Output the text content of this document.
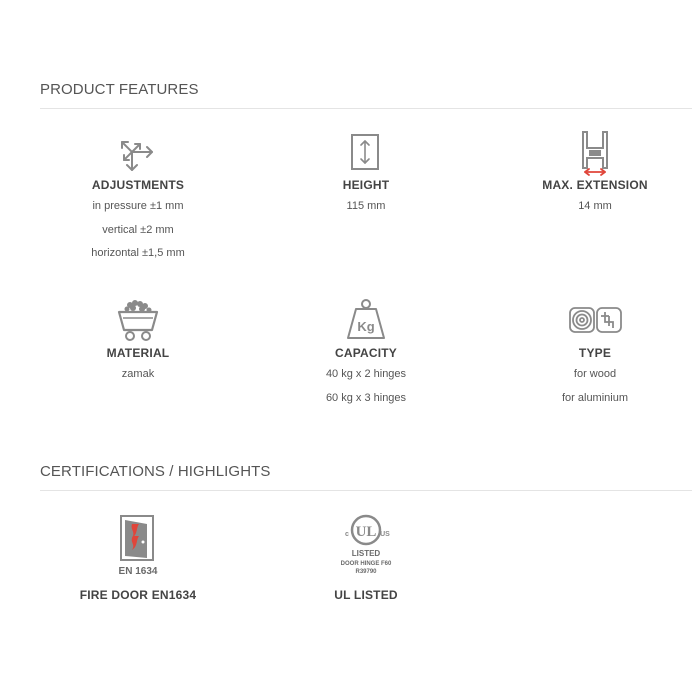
PRODUCT FEATURES
ADJUSTMENTS
in pressure ±1 mm
vertical ±2 mm
horizontal ±1,5 mm
HEIGHT
115 mm
MAX. EXTENSION
14 mm
MATERIAL
zamak
Kg
CAPACITY
40 kg x 2 hinges
60 kg x 3 hinges
TYPE
for wood
for aluminium
CERTIFICATIONS / HIGHLIGHTS
EN 1634
FIRE DOOR EN1634
c UL US
LISTED
DOOR HINGE F60
R39790
UL LISTED
